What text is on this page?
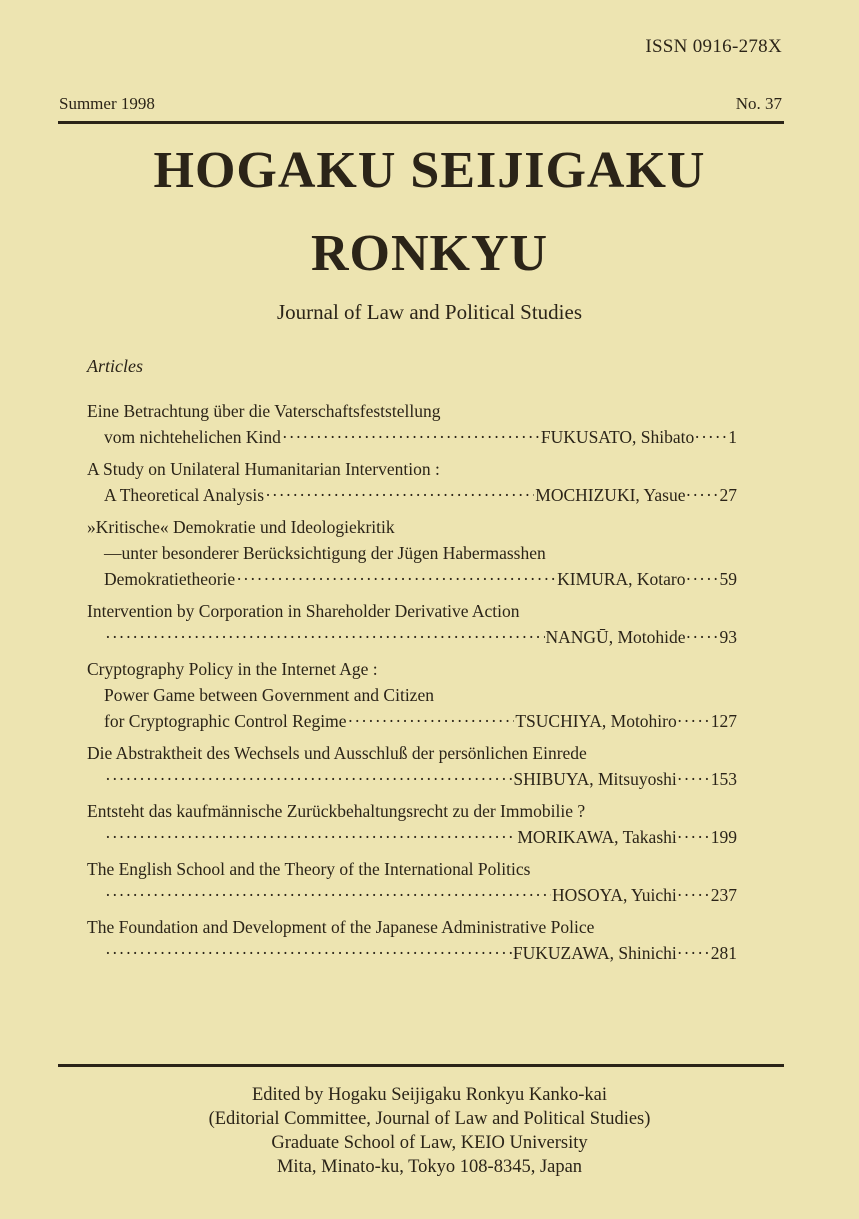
ISSN 0916-278X
Summer 1998	No. 37
HOGAKU SEIJIGAKU
RONKYU
Journal of Law and Political Studies
Articles
Eine Betrachtung über die Vaterschaftsfeststellung
vom nichtehelichen Kind ·····	FUKUSATO, Shibato ····· 1
A Study on Unilateral Humanitarian Intervention :
A Theoretical Analysis ·····	MOCHIZUKI, Yasue ····· 27
»Kritische« Demokratie und Ideologiekritik
—unter besonderer Berücksichtigung der Jügen Habermasshen
Demokratietheorie ·····	KIMURA, Kotaro ····· 59
Intervention by Corporation in Shareholder Derivative Action
·····
NANGŪ, Motohide ····· 93
Cryptography Policy in the Internet Age :
Power Game between Government and Citizen
for Cryptographic Control Regime ·····	TSUCHIYA, Motohiro ····· 127
Die Abstraktheit des Wechsels und Ausschluß der persönlichen Einrede
·····
SHIBUYA, Mitsuyoshi ····· 153
Entsteht das kaufmännische Zurückbehaltungsrecht zu der Immobilie ?
·····
MORIKAWA, Takashi ····· 199
The English School and the Theory of the International Politics
·····
HOSOYA, Yuichi ····· 237
The Foundation and Development of the Japanese Administrative Police
·····
FUKUZAWA, Shinichi ····· 281
Edited by Hogaku Seijigaku Ronkyu Kanko-kai
(Editorial Committee, Journal of Law and Political Studies)
Graduate School of Law, KEIO University
Mita, Minato-ku, Tokyo 108-8345, Japan
